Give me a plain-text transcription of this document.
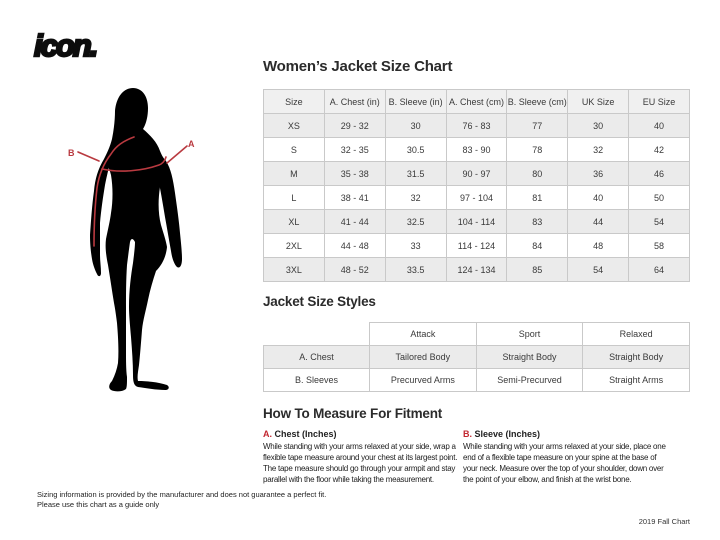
icon.
B
A
Women’s Jacket Size Chart
Size	A. Chest (in)	B. Sleeve (in)	A. Chest (cm)	B. Sleeve (cm)	UK Size	EU Size
XS	29 - 32	30	76 - 83	77	30	40
S	32 - 35	30.5	83 - 90	78	32	42
M	35 - 38	31.5	90 - 97	80	36	46
L	38 - 41	32	97 - 104	81	40	50
XL	41 - 44	32.5	104 - 114	83	44	54
2XL	44 - 48	33	114 - 124	84	48	58
3XL	48 - 52	33.5	124 - 134	85	54	64
Jacket Size Styles
	Attack	Sport	Relaxed
A. Chest	Tailored Body	Straight Body	Straight Body
B. Sleeves	Precurved Arms	Semi-Precurved	Straight Arms
How To Measure For Fitment
A. Chest (Inches)
While standing with your arms relaxed at your side, wrap a flexible tape measure around your chest at its largest point. The tape measure should go through your armpit and stay parallel with the floor while taking the measurement.
B. Sleeve (Inches)
While standing with your arms relaxed at your side, place one end of a flexible tape measure on your spine at the base of your neck. Measure over the top of your shoulder, down over the point of your elbow, and finish at the wrist bone.
Sizing information is provided by the manufacturer and does not guarantee a perfect fit.
Please use this chart as a guide only
2019 Fall Chart
